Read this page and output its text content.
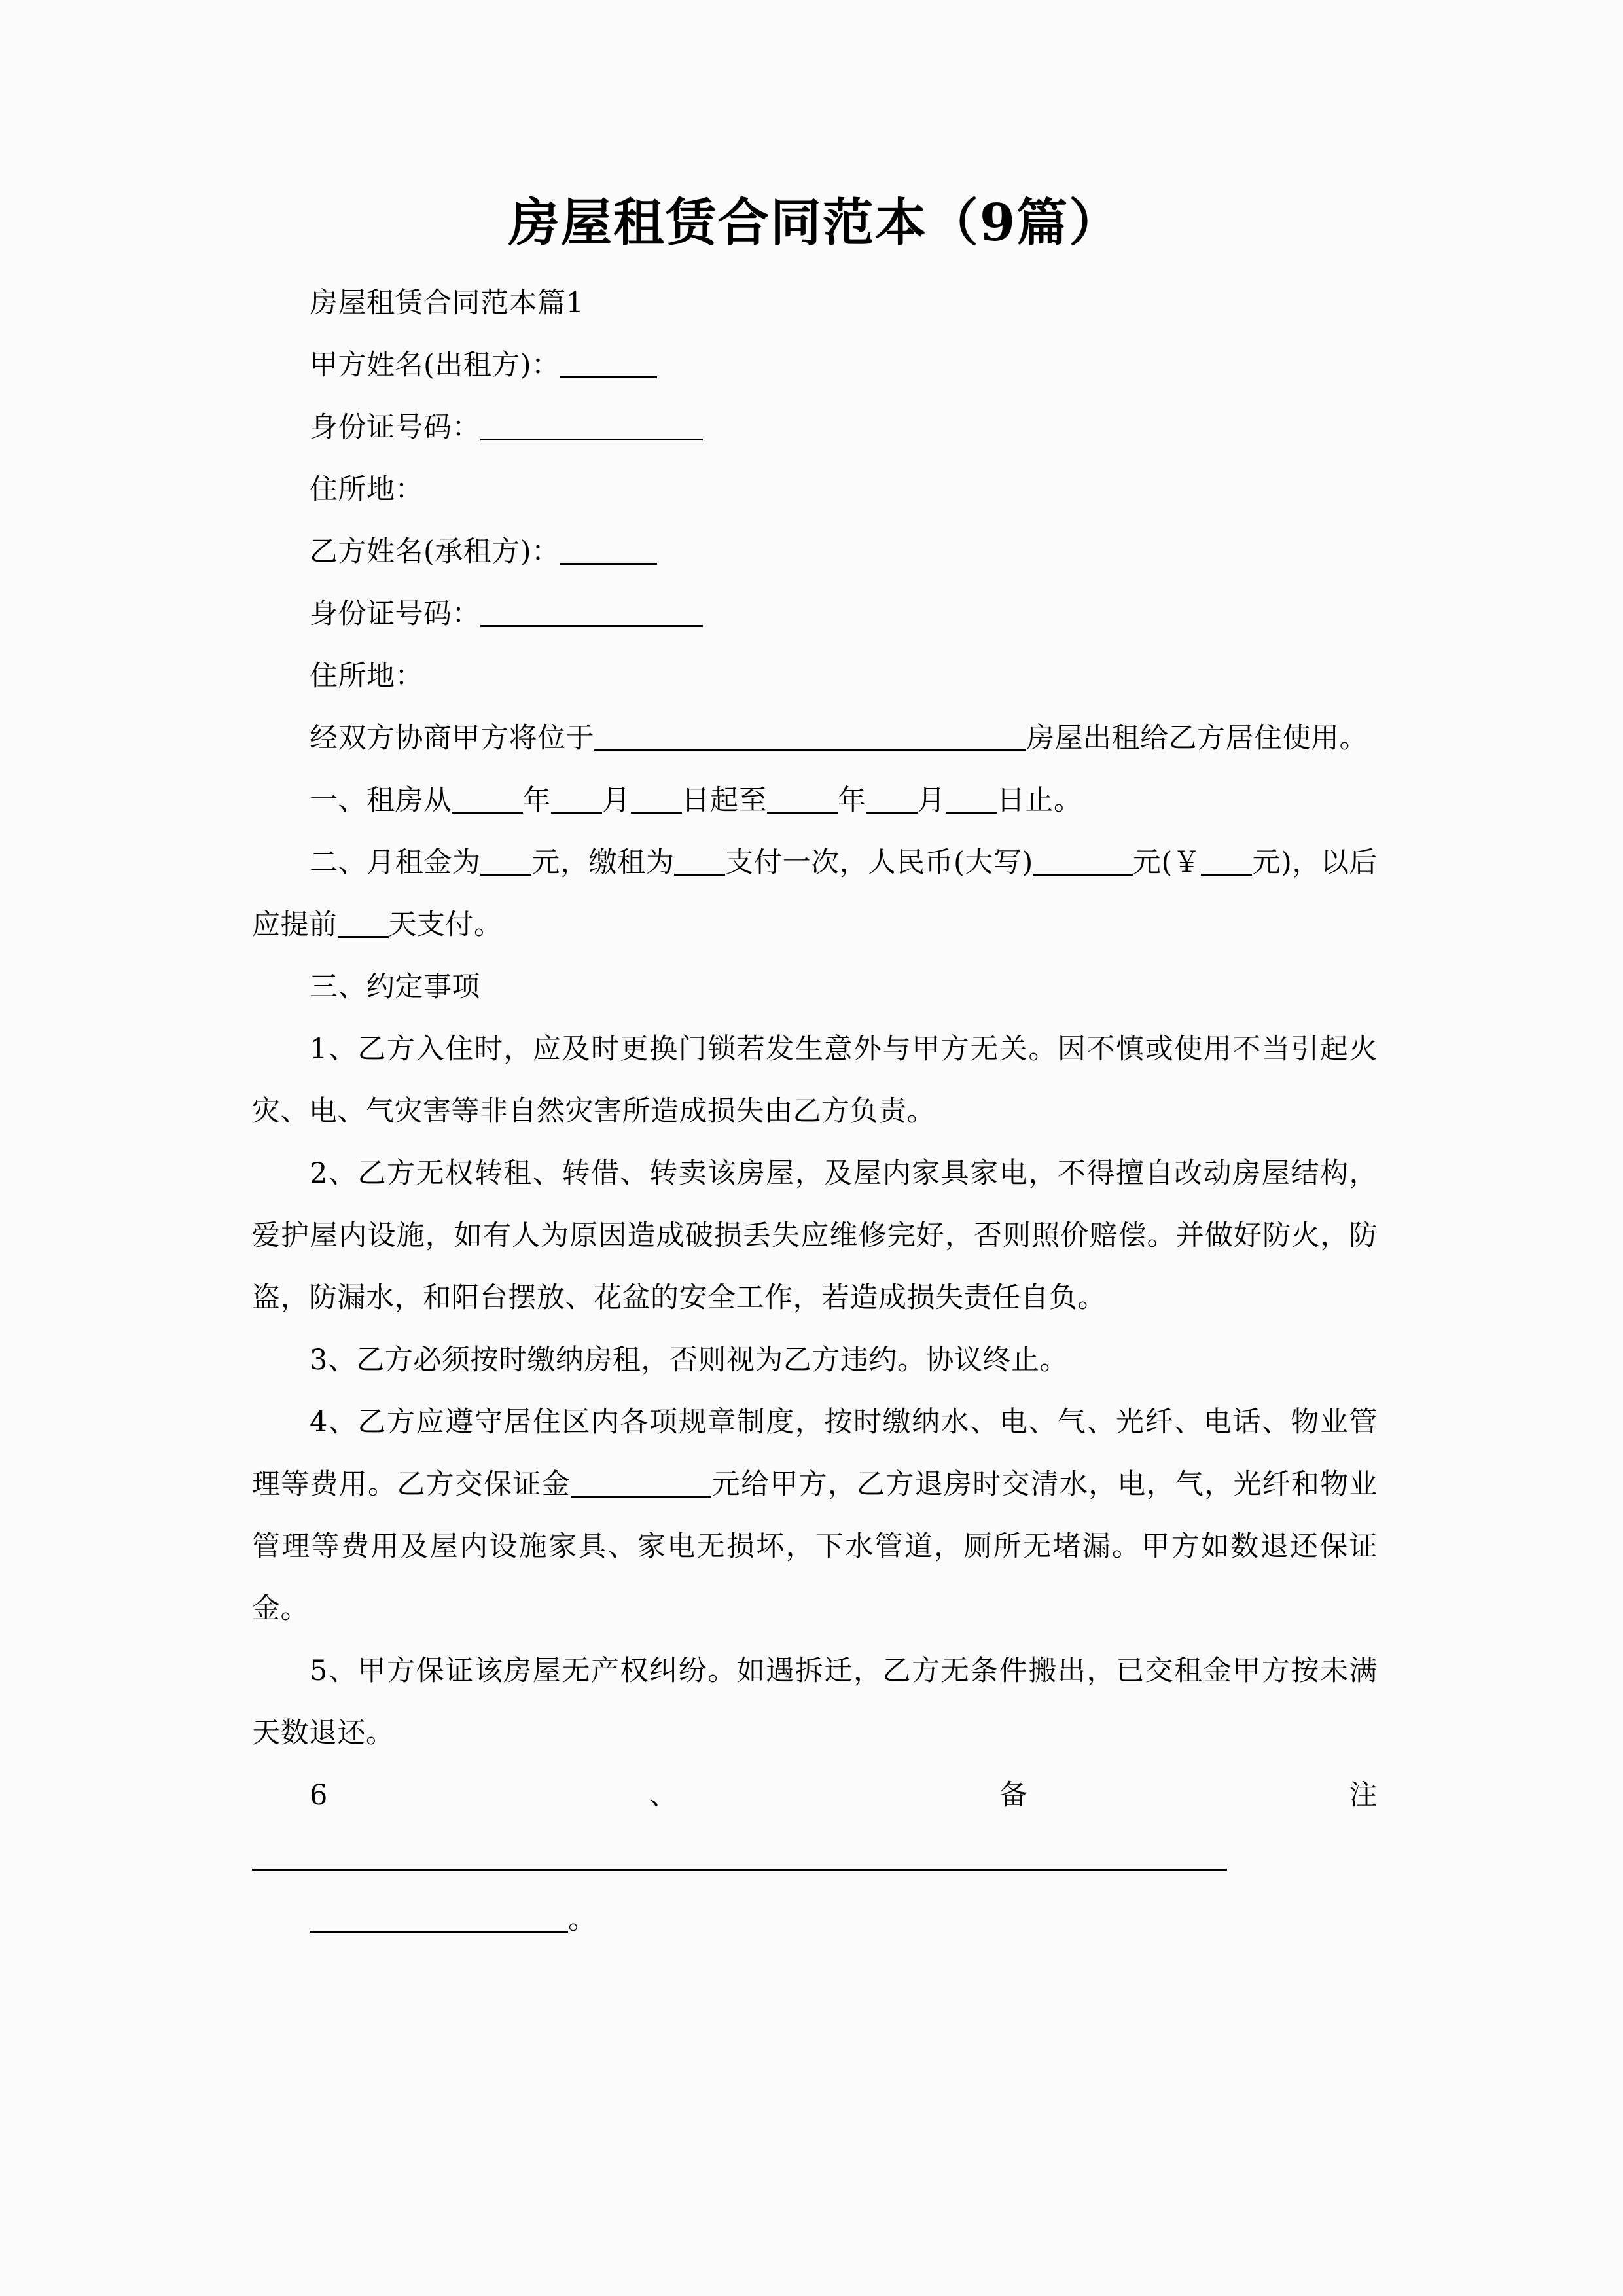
房屋租赁合同范本（9篇）

房屋租赁合同范本篇1

甲方姓名(出租方)：

身份证号码：

住所地：

乙方姓名(承租方)：

身份证号码：

住所地：

经双方协商甲方将位于	房屋出租给乙方居住使用。

一、租房从	年 月 日起至	年 月 日止。

二、月租金为 元，缴租为 支付一次，人民币(大写)	元(￥ 元)，以后应提前 天支付。

三、约定事项

1、乙方入住时，应及时更换门锁若发生意外与甲方无关。因不慎或使用不当引起火灾、电、气灾害等非自然灾害所造成损失由乙方负责。

2、乙方无权转租、转借、转卖该房屋，及屋内家具家电，不得擅自改动房屋结构，爱护屋内设施，如有人为原因造成破损丢失应维修完好，否则照价赔偿。并做好防火，防盗，防漏水，和阳台摆放、花盆的安全工作，若造成损失责任自负。

3、乙方必须按时缴纳房租，否则视为乙方违约。协议终止。

4、乙方应遵守居住区内各项规章制度，按时缴纳水、电、气、光纤、电话、物业管理等费用。乙方交保证金	元给甲方，乙方退房时交清水，电，气，光纤和物业管理等费用及屋内设施家具、家电无损坏，下水管道，厕所无堵漏。甲方如数退还保证金。

5、甲方保证该房屋无产权纠纷。如遇拆迁，乙方无条件搬出，已交租金甲方按未满天数退还。

6、备注

。
